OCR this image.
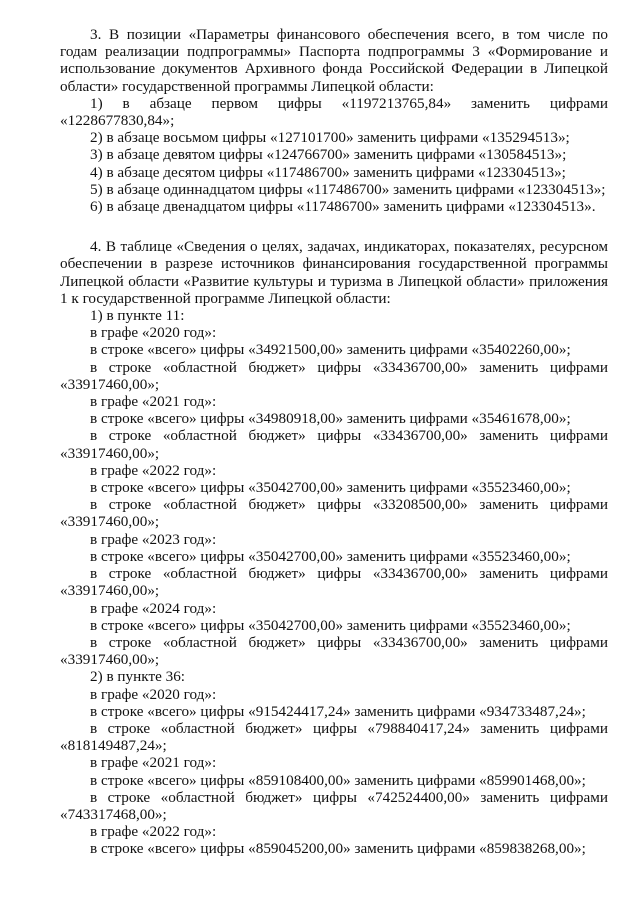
3. В позиции «Параметры финансового обеспечения всего, в том числе по годам реализации подпрограммы» Паспорта подпрограммы 3 «Формирование и использование документов Архивного фонда Российской Федерации в Липецкой области» государственной программы Липецкой области:

1) в абзаце первом цифры «1197213765,84» заменить цифрами «1228677830,84»;

2) в абзаце восьмом цифры «127101700» заменить цифрами «135294513»;

3) в абзаце девятом цифры «124766700» заменить цифрами «130584513»;

4) в абзаце десятом цифры «117486700» заменить цифрами «123304513»;

5) в абзаце одиннадцатом цифры «117486700» заменить цифрами «123304513»;

6) в абзаце двенадцатом цифры «117486700» заменить цифрами «123304513».

4. В таблице «Сведения о целях, задачах, индикаторах, показателях, ресурсном обеспечении в разрезе источников финансирования государственной программы Липецкой области «Развитие культуры и туризма в Липецкой области» приложения 1 к государственной программе Липецкой области:

1) в пункте 11:

в графе «2020 год»:

в строке «всего» цифры «34921500,00» заменить цифрами «35402260,00»;

в строке «областной бюджет» цифры «33436700,00» заменить цифрами «33917460,00»;

в графе «2021 год»:

в строке «всего» цифры «34980918,00» заменить цифрами «35461678,00»;

в строке «областной бюджет» цифры «33436700,00» заменить цифрами «33917460,00»;

в графе «2022 год»:

в строке «всего» цифры «35042700,00» заменить цифрами «35523460,00»;

в строке «областной бюджет» цифры «33208500,00» заменить цифрами «33917460,00»;

в графе «2023 год»:

в строке «всего» цифры «35042700,00» заменить цифрами «35523460,00»;

в строке «областной бюджет» цифры «33436700,00» заменить цифрами «33917460,00»;

в графе «2024 год»:

в строке «всего» цифры «35042700,00» заменить цифрами «35523460,00»;

в строке «областной бюджет» цифры «33436700,00» заменить цифрами «33917460,00»;

2) в пункте 36:

в графе «2020 год»:

в строке «всего» цифры «915424417,24» заменить цифрами «934733487,24»;

в строке «областной бюджет» цифры «798840417,24» заменить цифрами «818149487,24»;

в графе «2021 год»:

в строке «всего» цифры «859108400,00» заменить цифрами «859901468,00»;

в строке «областной бюджет» цифры «742524400,00» заменить цифрами «743317468,00»;

в графе «2022 год»:

в строке «всего» цифры «859045200,00» заменить цифрами «859838268,00»;
